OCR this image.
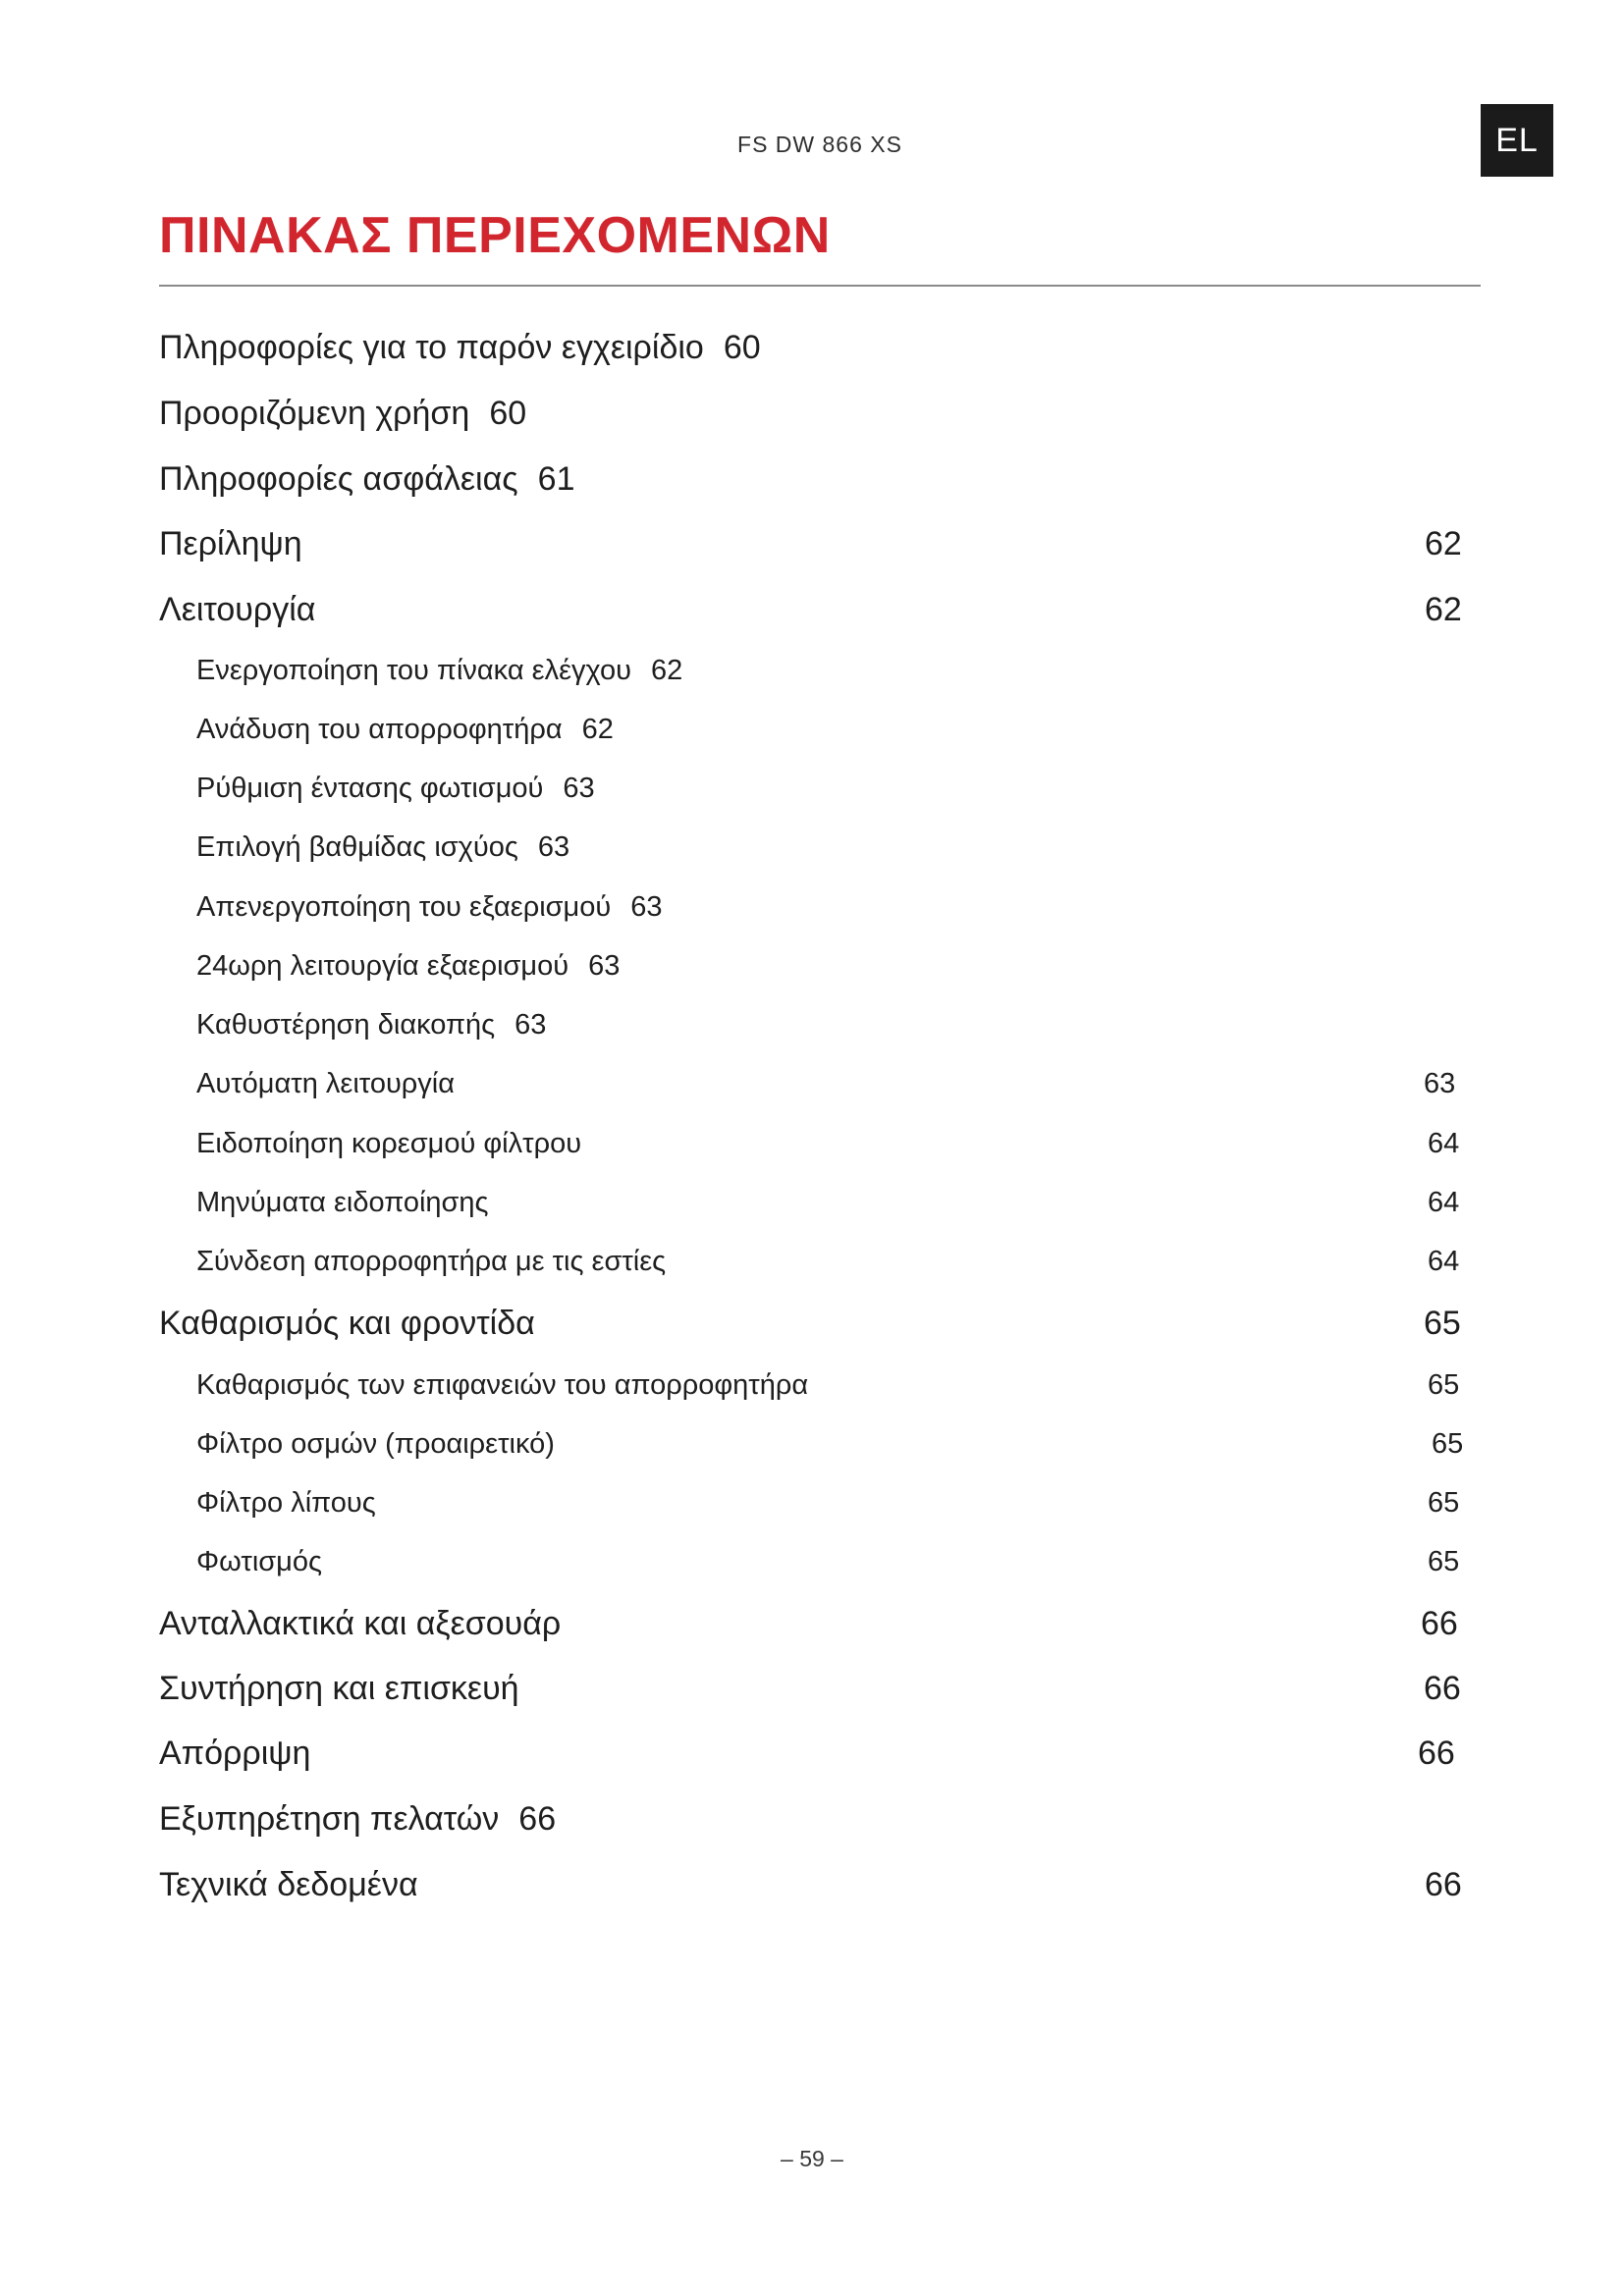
FS DW 866 XS	EL
ΠΙΝΑΚΑΣ ΠΕΡΙΕΧΟΜΕΝΩΝ
Πληροφορίες για το παρόν εγχειρίδιο 60
Προοριζόμενη χρήση 60
Πληροφορίες ασφάλειας 61
Περίληψη	62
Λειτουργία	62
Ενεργοποίηση του πίνακα ελέγχου 62
Ανάδυση του απορροφητήρα 62
Ρύθμιση έντασης φωτισμού 63
Επιλογή βαθμίδας ισχύος 63
Απενεργοποίηση του εξαερισμού 63
24ωρη λειτουργία εξαερισμού 63
Καθυστέρηση διακοπής 63
Αυτόματη λειτουργία	63
Ειδοποίηση κορεσμού φίλτρου	64
Μηνύματα ειδοποίησης	64
Σύνδεση απορροφητήρα με τις εστίες	64
Καθαρισμός και φροντίδα	65
Καθαρισμός των επιφανειών του απορροφητήρα	65
Φίλτρο οσμών (προαιρετικό)	65
Φίλτρο λίπους	65
Φωτισμός	65
Ανταλλακτικά και αξεσουάρ	66
Συντήρηση και επισκευή	66
Απόρριψη	66
Εξυπηρέτηση πελατών 66
Τεχνικά δεδομένα	66
– 59 –
